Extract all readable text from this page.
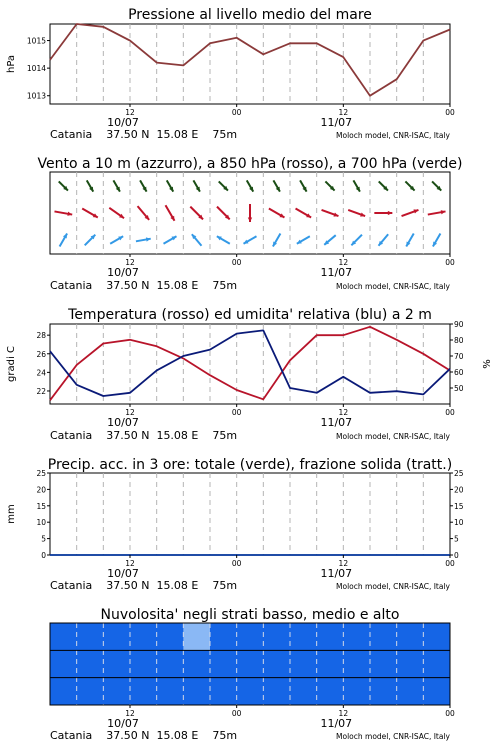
Pressione al livello medio del mare
1013
1014
1015
hPa
12	00	12	00
10/07	11/07
Catania    37.50 N  15.08 E    75m	Moloch model, CNR-ISAC, Italy
Vento a 10 m (azzurro), a 850 hPa (rosso), a 700 hPa (verde)
12	00	12	00
10/07	11/07
Catania    37.50 N  15.08 E    75m	Moloch model, CNR-ISAC, Italy
Temperatura (rosso) ed umidita' relativa (blu) a 2 m
22
24
26
28
50
60
70
80
90
gradi C	%
12	00	12	00
10/07	11/07
Catania    37.50 N  15.08 E    75m	Moloch model, CNR-ISAC, Italy
Precip. acc. in 3 ore: totale (verde), frazione solida (tratt.)
0
5
10
15
20
25
0
5
10
15
20
25
mm
12	00	12	00
10/07	11/07
Catania    37.50 N  15.08 E    75m	Moloch model, CNR-ISAC, Italy
Nuvolosita' negli strati basso, medio e alto
12	00	12	00
10/07	11/07
Catania    37.50 N  15.08 E    75m	Moloch model, CNR-ISAC, Italy
